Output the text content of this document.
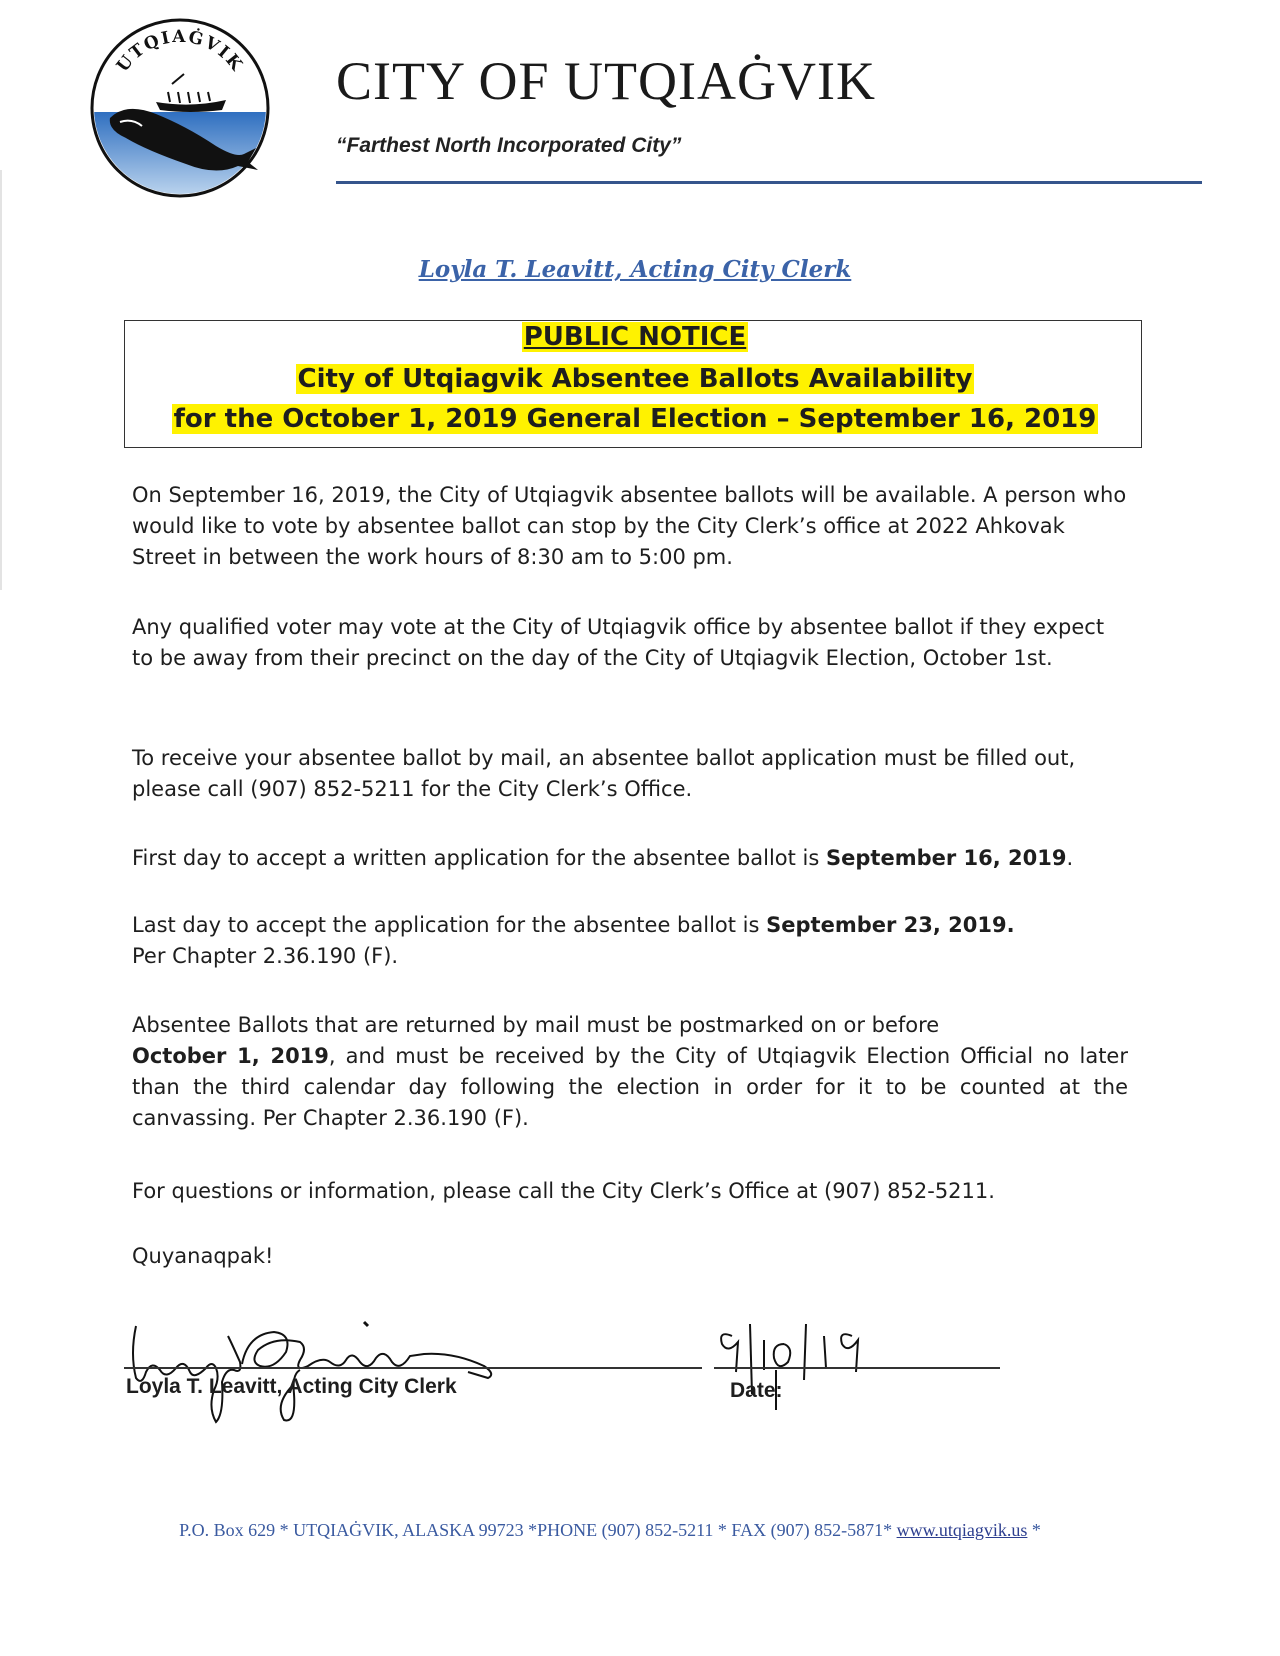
UTQIAĠVIK CITY OF UTQIAĠVIK
“Farthest North Incorporated City”
Loyla T. Leavitt, Acting City Clerk
PUBLIC NOTICE
City of Utqiagvik Absentee Ballots Availability
for the October 1, 2019 General Election – September 16, 2019
On September 16, 2019, the City of Utqiagvik absentee ballots will be available. A person who would like to vote by absentee ballot can stop by the City Clerk’s office at 2022 Ahkovak Street in between the work hours of 8:30 am to 5:00 pm.
Any qualified voter may vote at the City of Utqiagvik office by absentee ballot if they expect to be away from their precinct on the day of the City of Utqiagvik Election, October 1st.
To receive your absentee ballot by mail, an absentee ballot application must be filled out, please call (907) 852-5211 for the City Clerk’s Office.
First day to accept a written application for the absentee ballot is September 16, 2019.
Last day to accept the application for the absentee ballot is September 23, 2019.
Per Chapter 2.36.190 (F).
Absentee Ballots that are returned by mail must be postmarked on or before

October 1, 2019, and must be received by the City of Utqiagvik Election Official no later than the third calendar day following the election in order for it to be counted at the canvassing. Per Chapter 2.36.190 (F).
For questions or information, please call the City Clerk’s Office at (907) 852-5211.
Quyanaqpak!
Loyla T. Leavitt, Acting City Clerk	Date:
P.O. Box 629 * UTQIAĠVIK, ALASKA 99723 *PHONE (907) 852-5211 * FAX (907) 852-5871* www.utqiagvik.us *
